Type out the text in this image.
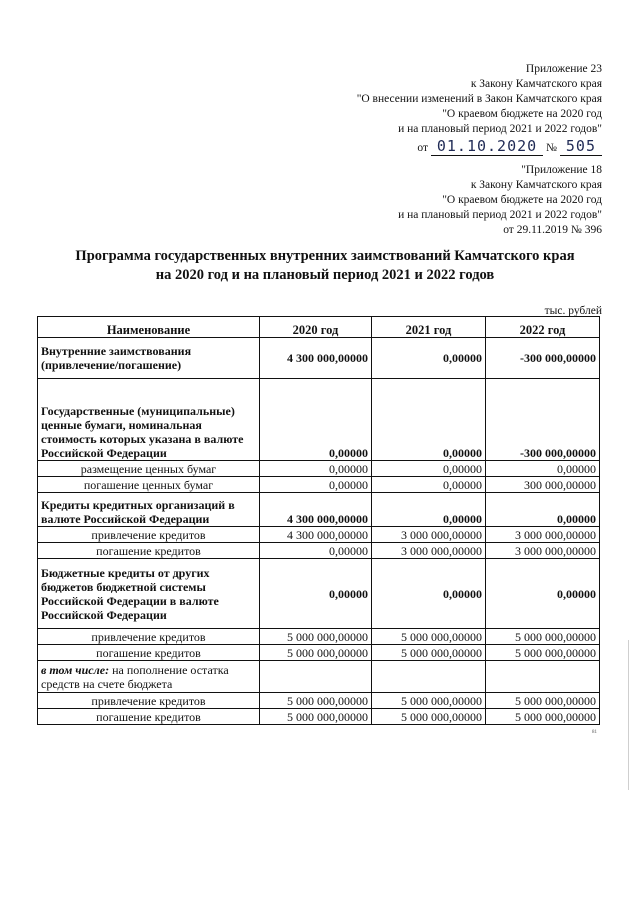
Приложение 23
к Закону Камчатского края
"О внесении изменений в Закон Камчатского края
"О краевом бюджете на 2020 год
и на плановый период 2021 и 2022 годов"
от 01.10.2020 № 505
"Приложение 18
к Закону Камчатского края
"О краевом бюджете на 2020 год
и на плановый период 2021 и 2022 годов"
от 29.11.2019 № 396
Программа государственных внутренних заимствований Камчатского края
на 2020 год и на плановый период 2021 и 2022 годов
тыс. рублей
Наименование	2020 год	2021 год	2022 год
Внутренние заимствования (привлечение/погашение)	4 300 000,00000	0,00000	-300 000,00000
Государственные (муниципальные) ценные бумаги, номинальная стоимость которых указана в валюте Российской Федерации	0,00000	0,00000	-300 000,00000
размещение ценных бумаг	0,00000	0,00000	0,00000
погашение ценных бумаг	0,00000	0,00000	300 000,00000
Кредиты кредитных организаций в валюте Российской Федерации	4 300 000,00000	0,00000	0,00000
привлечение кредитов	4 300 000,00000	3 000 000,00000	3 000 000,00000
погашение кредитов	0,00000	3 000 000,00000	3 000 000,00000
Бюджетные кредиты от других бюджетов бюджетной системы Российской Федерации в валюте Российской Федерации	0,00000	0,00000	0,00000
привлечение кредитов	5 000 000,00000	5 000 000,00000	5 000 000,00000
погашение кредитов	5 000 000,00000	5 000 000,00000	5 000 000,00000
в том числе: на пополнение остатка средств на счете бюджета			
привлечение кредитов	5 000 000,00000	5 000 000,00000	5 000 000,00000
погашение кредитов	5 000 000,00000	5 000 000,00000	5 000 000,00000
81
